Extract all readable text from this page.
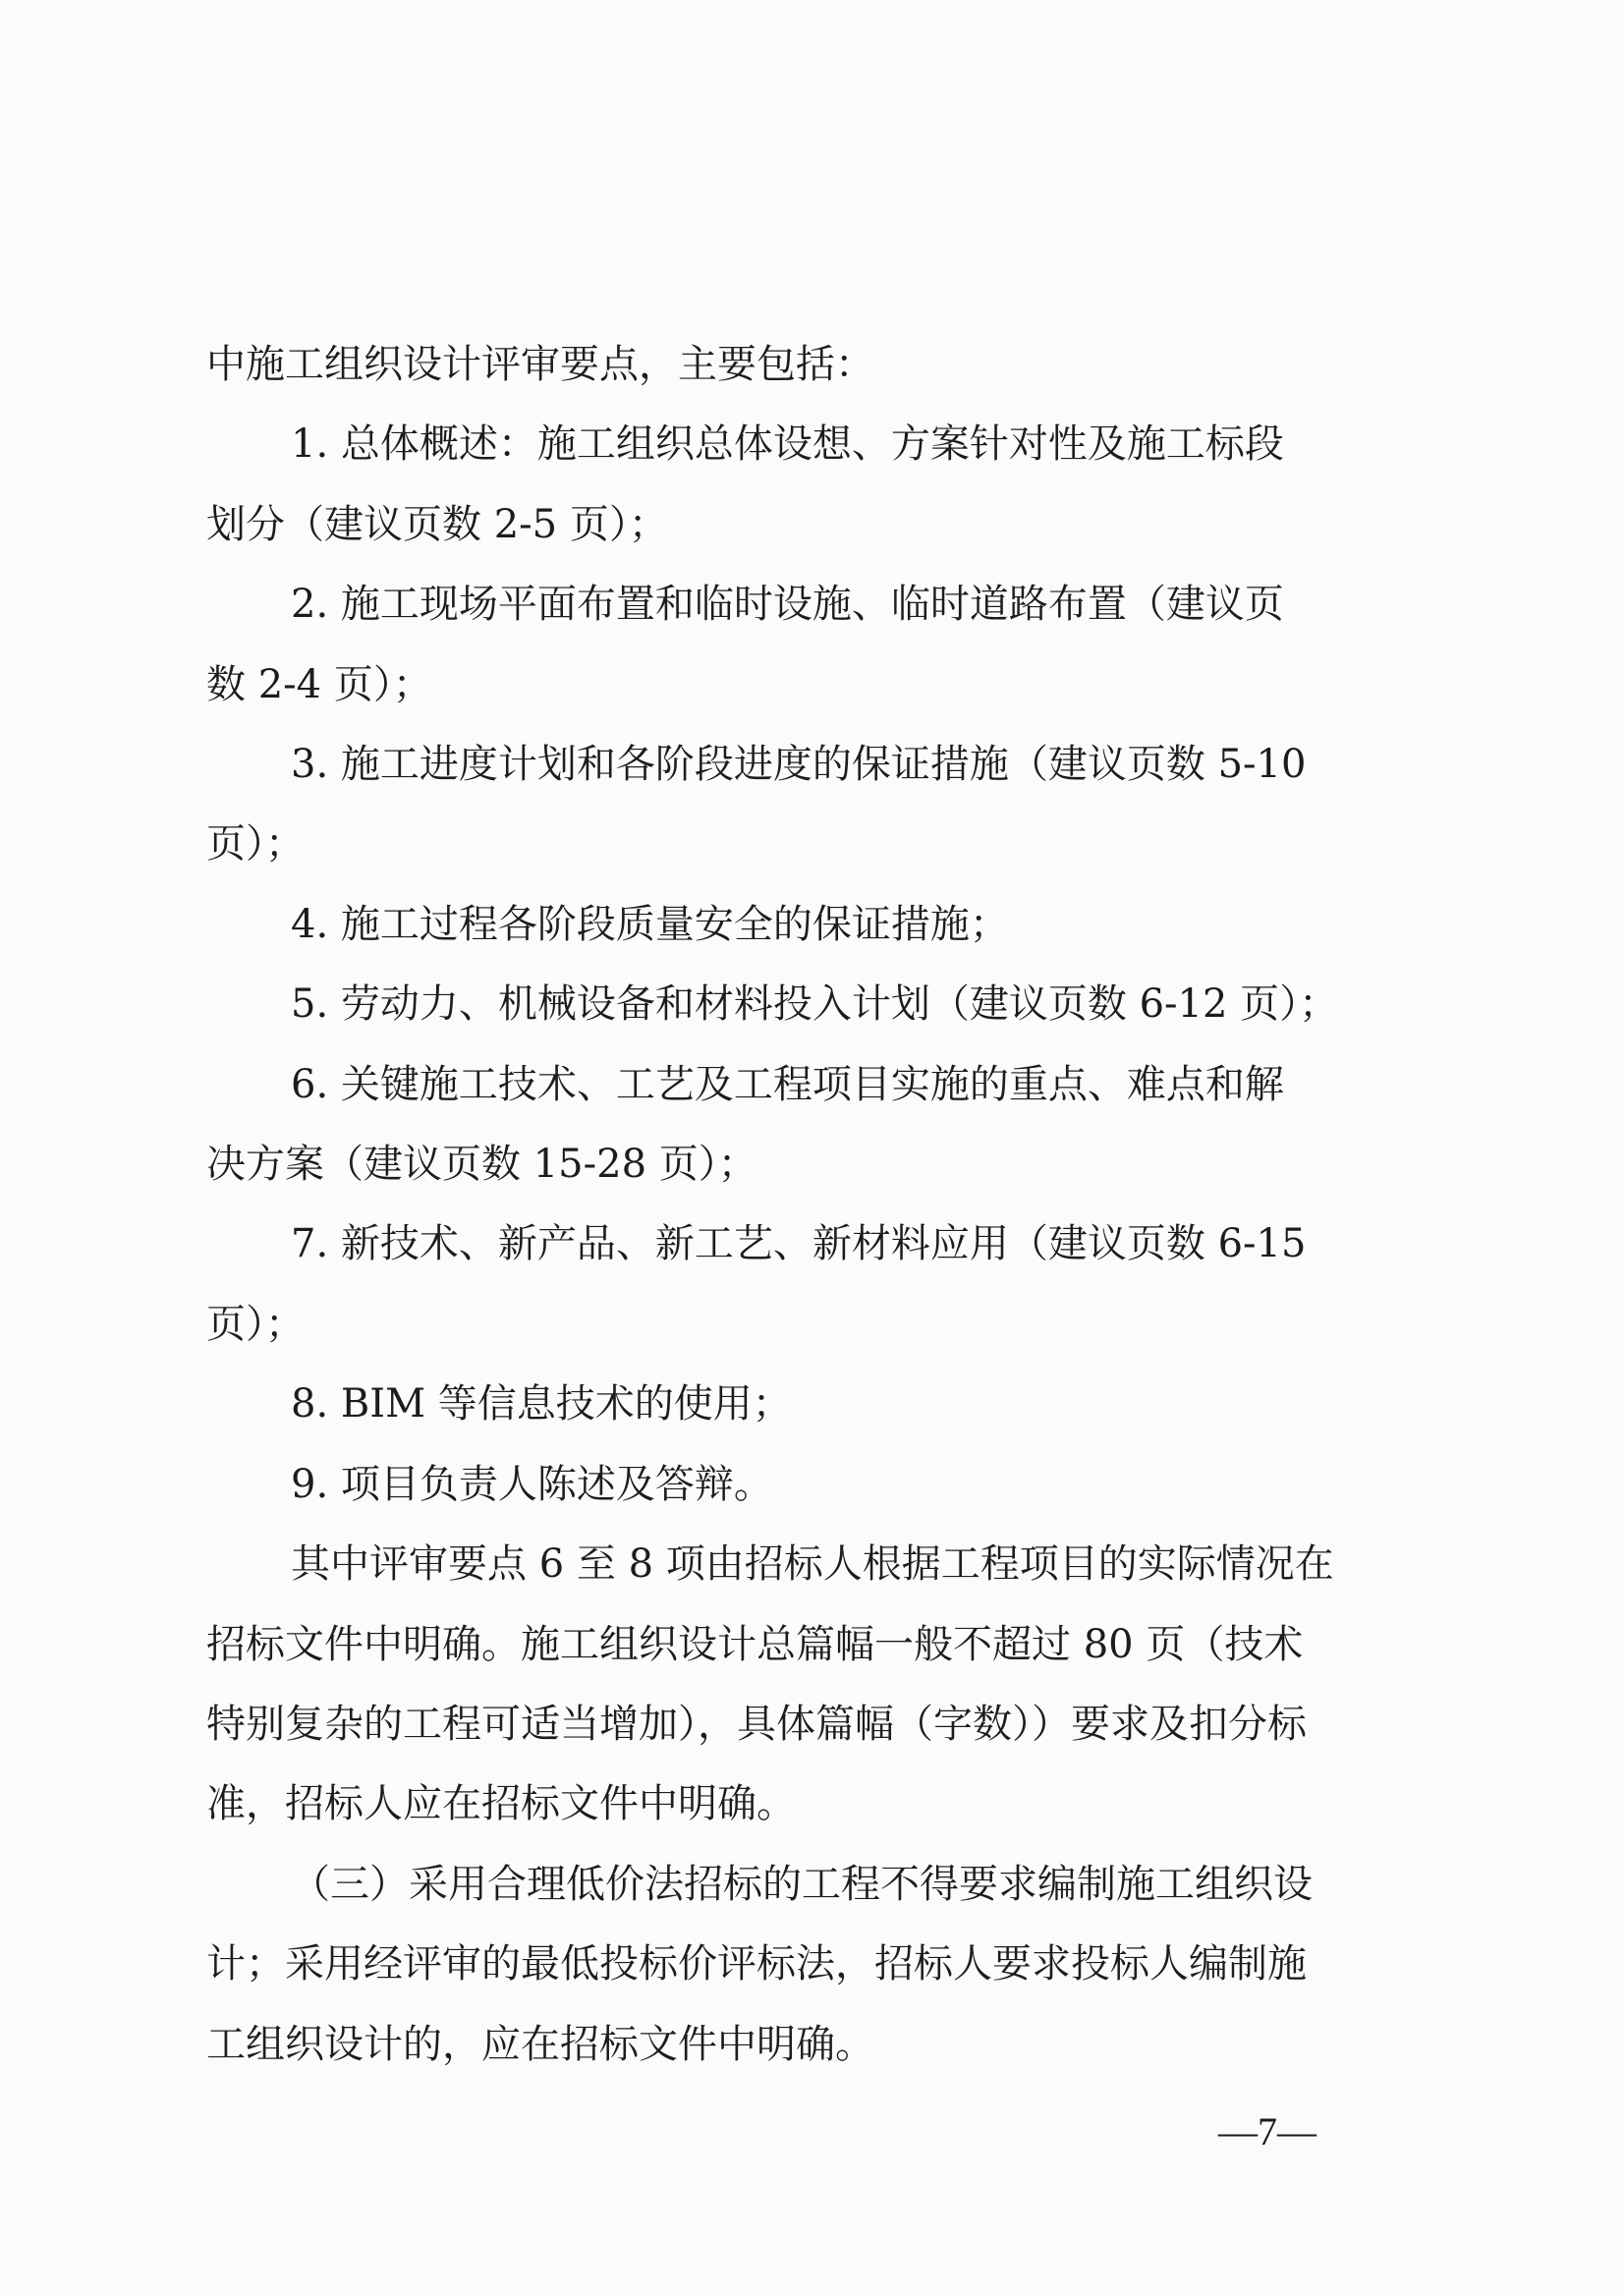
中施工组织设计评审要点，主要包括：
1. 总体概述：施工组织总体设想、方案针对性及施工标段
划分（建议页数 2-5 页）；
2. 施工现场平面布置和临时设施、临时道路布置（建议页
数 2-4 页）；
3. 施工进度计划和各阶段进度的保证措施（建议页数 5-10
页）；
4. 施工过程各阶段质量安全的保证措施；
5. 劳动力、机械设备和材料投入计划（建议页数 6-12 页）；
6. 关键施工技术、工艺及工程项目实施的重点、难点和解
决方案（建议页数 15-28 页）；
7. 新技术、新产品、新工艺、新材料应用（建议页数 6-15
页）；
8. BIM 等信息技术的使用；
9. 项目负责人陈述及答辩。
其中评审要点 6 至 8 项由招标人根据工程项目的实际情况在
招标文件中明确。施工组织设计总篇幅一般不超过 80 页（技术
特别复杂的工程可适当增加），具体篇幅（字数））要求及扣分标
准，招标人应在招标文件中明确。
（三）采用合理低价法招标的工程不得要求编制施工组织设
计；采用经评审的最低投标价评标法，招标人要求投标人编制施
工组织设计的，应在招标文件中明确。
—7—
